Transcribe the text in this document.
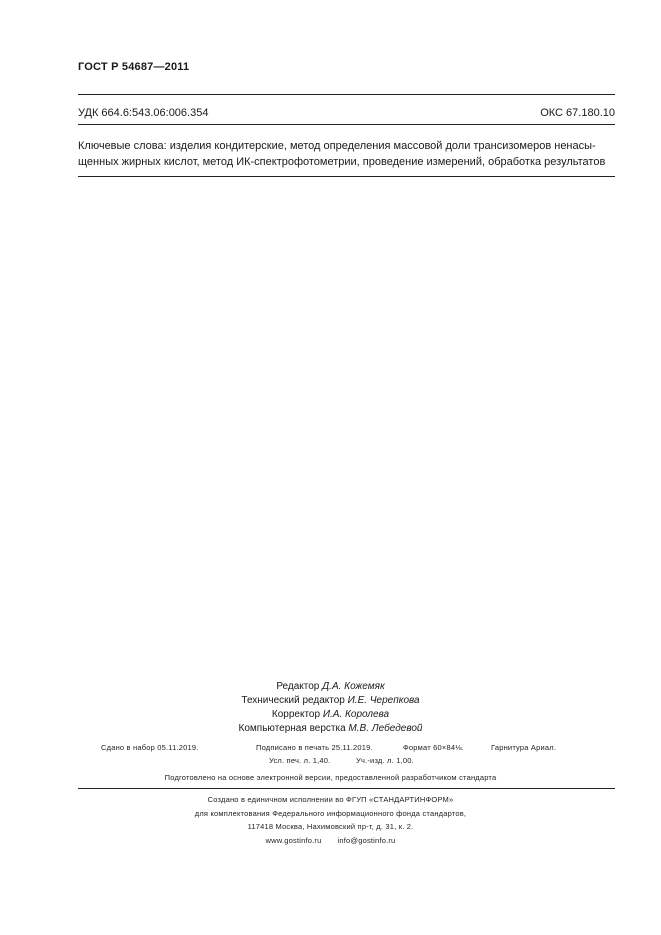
ГОСТ Р 54687—2011
УДК 664.6:543.06:006.354	ОКС 67.180.10
Ключевые слова: изделия кондитерские, метод определения массовой доли трансизомеров ненасы-
щенных жирных кислот, метод ИК-спектрофотометрии, проведение измерений, обработка результатов
Редактор Д.А. Кожемяк
Технический редактор И.Е. Черепкова
Корректор И.А. Королева
Компьютерная верстка М.В. Лебедевой
Сдано в набор 05.11.2019.	Подписано в печать 25.11.2019.	Формат 60×84⅛.	Гарнитура Ариал.
Усл. печ. л. 1,40.	Уч.-изд. л. 1,00.
Подготовлено на основе электронной версии, предоставленной разработчиком стандарта
Создано в единичном исполнении во ФГУП «СТАНДАРТИНФОРМ»
для комплектования Федерального информационного фонда стандартов,
117418 Москва, Нахимовский пр-т, д. 31, к. 2.
www.gostinfo.ru info@gostinfo.ru
